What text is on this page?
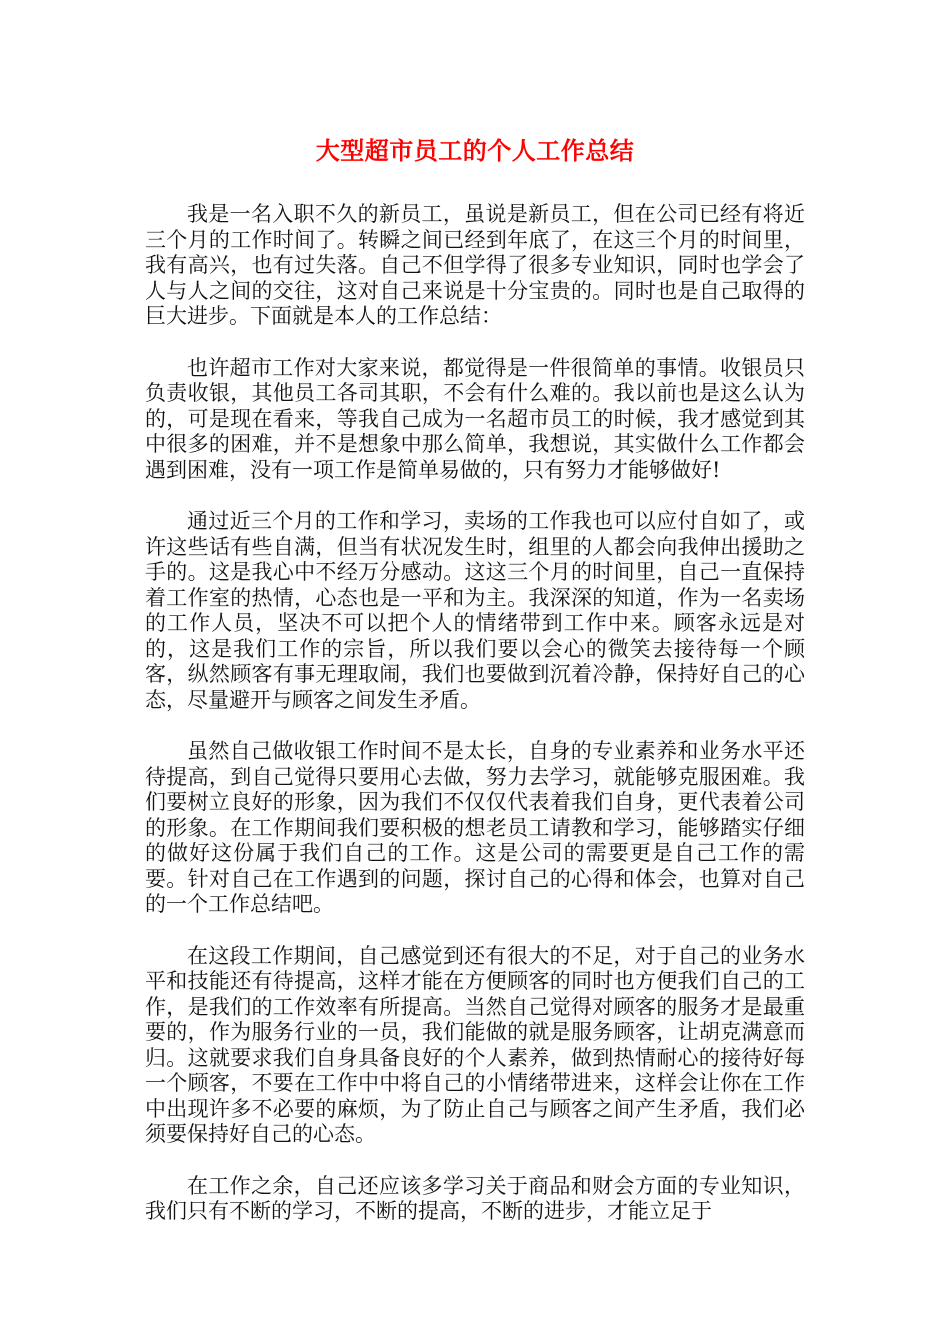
大型超市员工的个人工作总结

我是一名入职不久的新员工，虽说是新员工，但在公司已经有将近三个月的工作时间了。转瞬之间已经到年底了，在这三个月的时间里，我有高兴，也有过失落。自己不但学得了很多专业知识，同时也学会了人与人之间的交往，这对自己来说是十分宝贵的。同时也是自己取得的巨大进步。下面就是本人的工作总结：

也许超市工作对大家来说，都觉得是一件很简单的事情。收银员只负责收银，其他员工各司其职，不会有什么难的。我以前也是这么认为的，可是现在看来，等我自己成为一名超市员工的时候，我才感觉到其中很多的困难，并不是想象中那么简单，我想说，其实做什么工作都会遇到困难，没有一项工作是简单易做的，只有努力才能够做好!

通过近三个月的工作和学习，卖场的工作我也可以应付自如了，或许这些话有些自满，但当有状况发生时，组里的人都会向我伸出援助之手的。这是我心中不经万分感动。这这三个月的时间里，自己一直保持着工作室的热情，心态也是一平和为主。我深深的知道，作为一名卖场的工作人员，坚决不可以把个人的情绪带到工作中来。顾客永远是对的，这是我们工作的宗旨，所以我们要以会心的微笑去接待每一个顾客，纵然顾客有事无理取闹，我们也要做到沉着冷静，保持好自己的心态，尽量避开与顾客之间发生矛盾。

虽然自己做收银工作时间不是太长，自身的专业素养和业务水平还待提高，到自己觉得只要用心去做，努力去学习，就能够克服困难。我们要树立良好的形象，因为我们不仅仅代表着我们自身，更代表着公司的形象。在工作期间我们要积极的想老员工请教和学习，能够踏实仔细的做好这份属于我们自己的工作。这是公司的需要更是自己工作的需要。针对自己在工作遇到的问题，探讨自己的心得和体会，也算对自己的一个工作总结吧。

在这段工作期间，自己感觉到还有很大的不足，对于自己的业务水平和技能还有待提高，这样才能在方便顾客的同时也方便我们自己的工作，是我们的工作效率有所提高。当然自己觉得对顾客的服务才是最重要的，作为服务行业的一员，我们能做的就是服务顾客，让胡克满意而归。这就要求我们自身具备良好的个人素养，做到热情耐心的接待好每一个顾客，不要在工作中中将自己的小情绪带进来，这样会让你在工作中出现许多不必要的麻烦，为了防止自己与顾客之间产生矛盾，我们必须要保持好自己的心态。

在工作之余，自己还应该多学习关于商品和财会方面的专业知识，我们只有不断的学习，不断的提高，不断的进步，才能立足于
